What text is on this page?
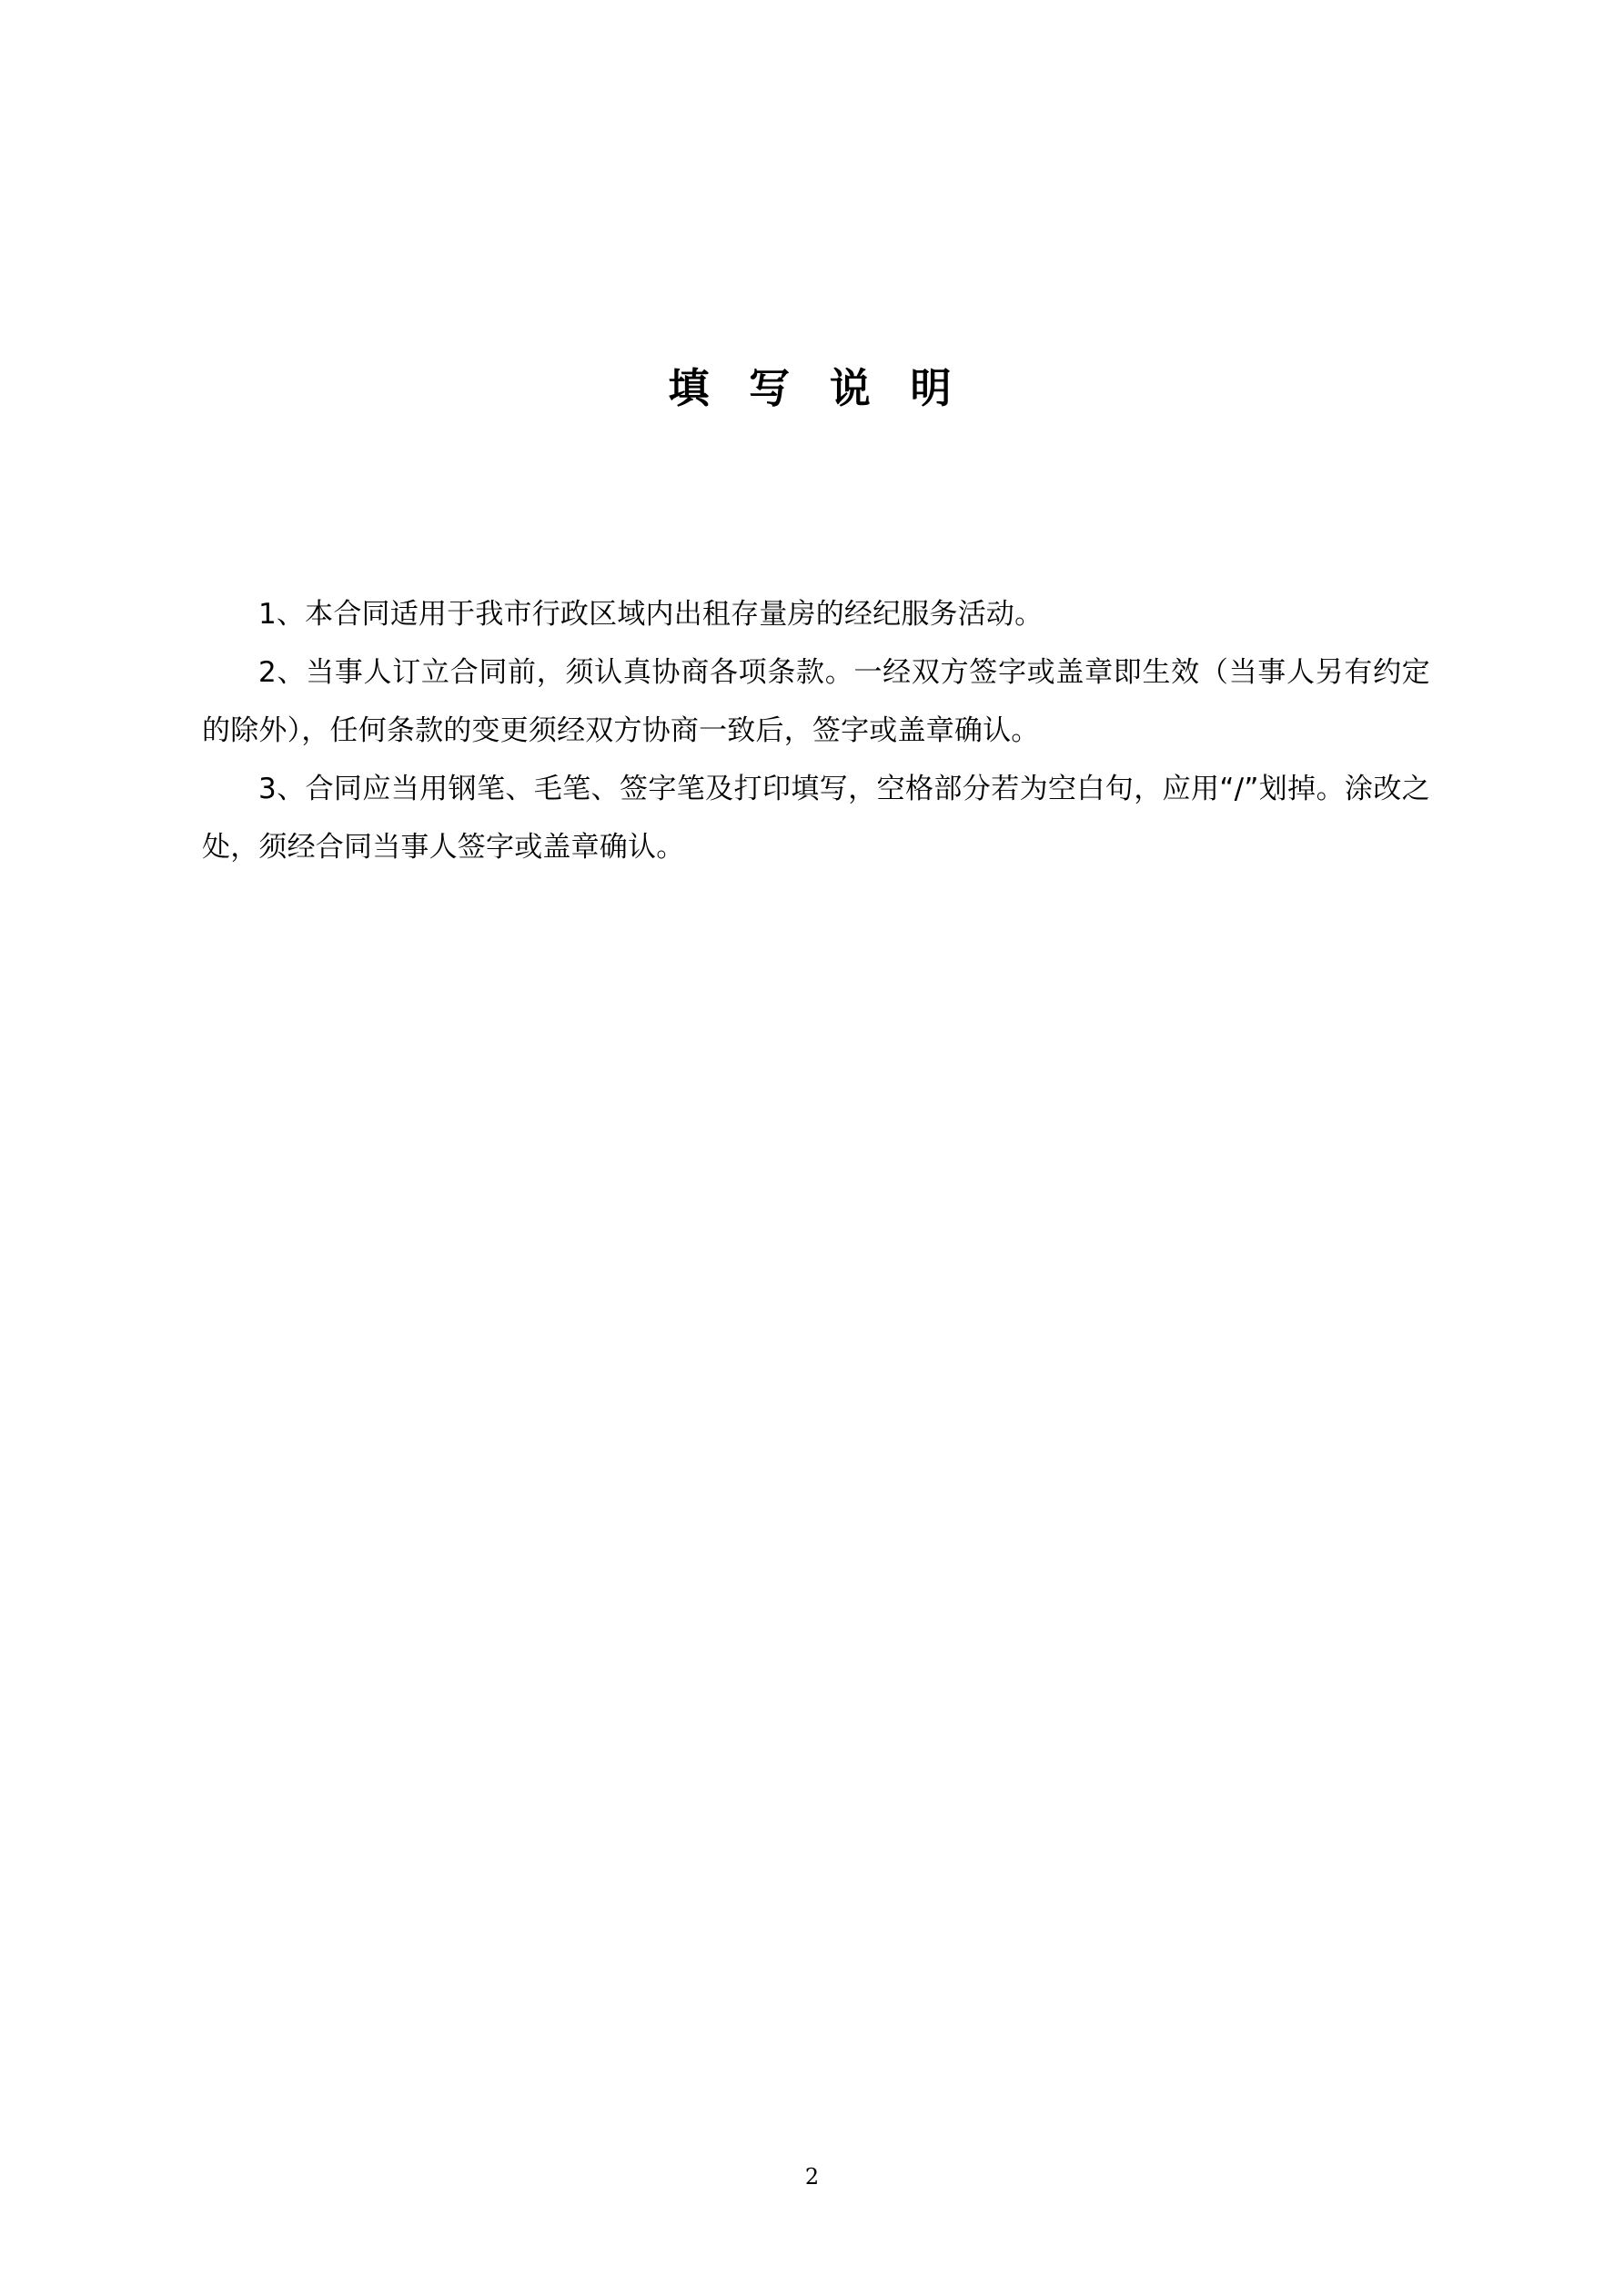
填 写 说 明

1、本合同适用于我市行政区域内出租存量房的经纪服务活动。

2、当事人订立合同前，须认真协商各项条款。一经双方签字或盖章即生效（当事人另有约定的除外），任何条款的变更须经双方协商一致后，签字或盖章确认。

3、合同应当用钢笔、毛笔、签字笔及打印填写，空格部分若为空白句，应用“/”划掉。涂改之处，须经合同当事人签字或盖章确认。

2
